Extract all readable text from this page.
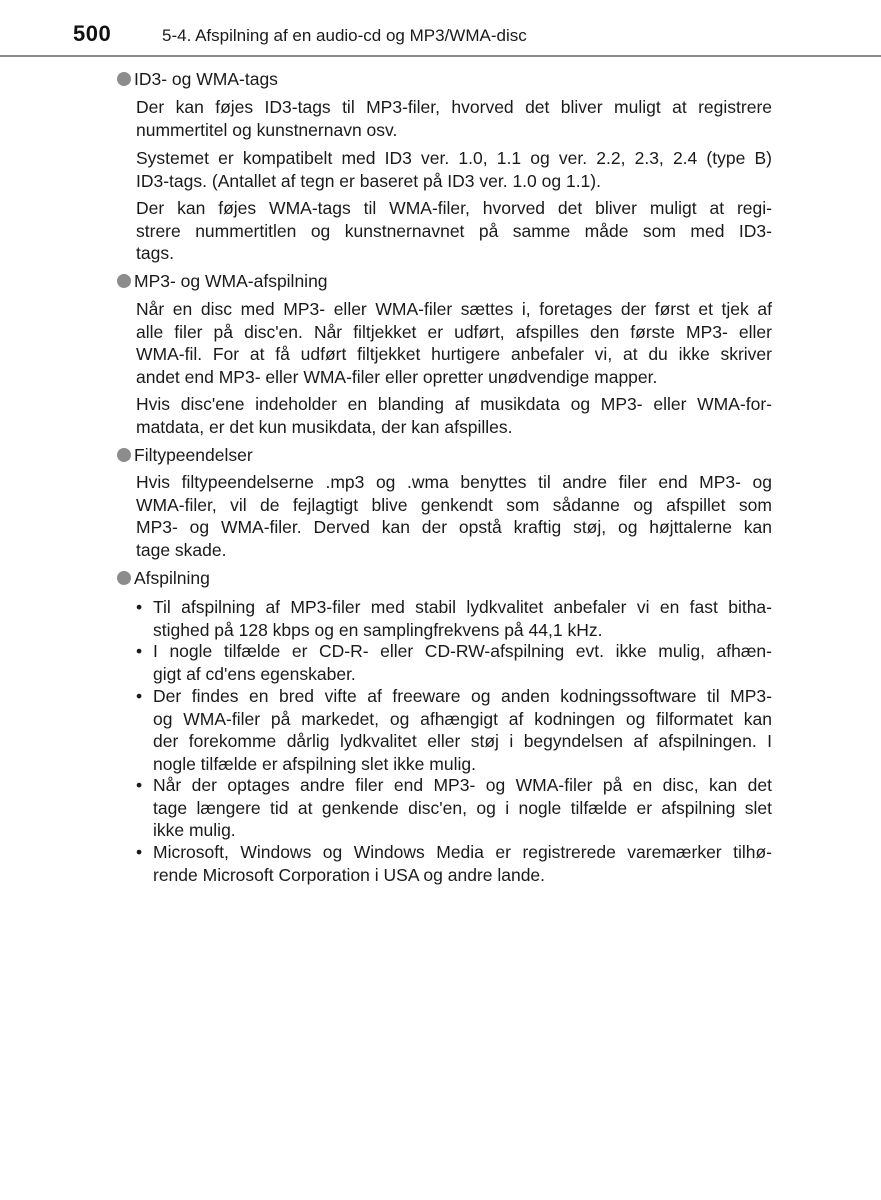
500	5-4. Afspilning af en audio-cd og MP3/WMA-disc
ID3- og WMA-tags
Der kan føjes ID3-tags til MP3-filer, hvorved det bliver muligt at registrere
nummertitel og kunstnernavn osv.
Systemet er kompatibelt med ID3 ver. 1.0, 1.1 og ver. 2.2, 2.3, 2.4 (type B)
ID3-tags. (Antallet af tegn er baseret på ID3 ver. 1.0 og 1.1).
Der kan føjes WMA-tags til WMA-filer, hvorved det bliver muligt at regi-
strere nummertitlen og kunstnernavnet på samme måde som med ID3-
tags.
MP3- og WMA-afspilning
Når en disc med MP3- eller WMA-filer sættes i, foretages der først et tjek af
alle filer på disc'en. Når filtjekket er udført, afspilles den første MP3- eller
WMA-fil. For at få udført filtjekket hurtigere anbefaler vi, at du ikke skriver
andet end MP3- eller WMA-filer eller opretter unødvendige mapper.
Hvis disc'ene indeholder en blanding af musikdata og MP3- eller WMA-for-
matdata, er det kun musikdata, der kan afspilles.
Filtypeendelser
Hvis filtypeendelserne .mp3 og .wma benyttes til andre filer end MP3- og
WMA-filer, vil de fejlagtigt blive genkendt som sådanne og afspillet som
MP3- og WMA-filer. Derved kan der opstå kraftig støj, og højttalerne kan
tage skade.
Afspilning
• Til afspilning af MP3-filer med stabil lydkvalitet anbefaler vi en fast bitha-
stighed på 128 kbps og en samplingfrekvens på 44,1 kHz.
• I nogle tilfælde er CD-R- eller CD-RW-afspilning evt. ikke mulig, afhæn-
gigt af cd'ens egenskaber.
• Der findes en bred vifte af freeware og anden kodningssoftware til MP3-
og WMA-filer på markedet, og afhængigt af kodningen og filformatet kan
der forekomme dårlig lydkvalitet eller støj i begyndelsen af afspilningen. I
nogle tilfælde er afspilning slet ikke mulig.
• Når der optages andre filer end MP3- og WMA-filer på en disc, kan det
tage længere tid at genkende disc'en, og i nogle tilfælde er afspilning slet
ikke mulig.
• Microsoft, Windows og Windows Media er registrerede varemærker tilhø-
rende Microsoft Corporation i USA og andre lande.
